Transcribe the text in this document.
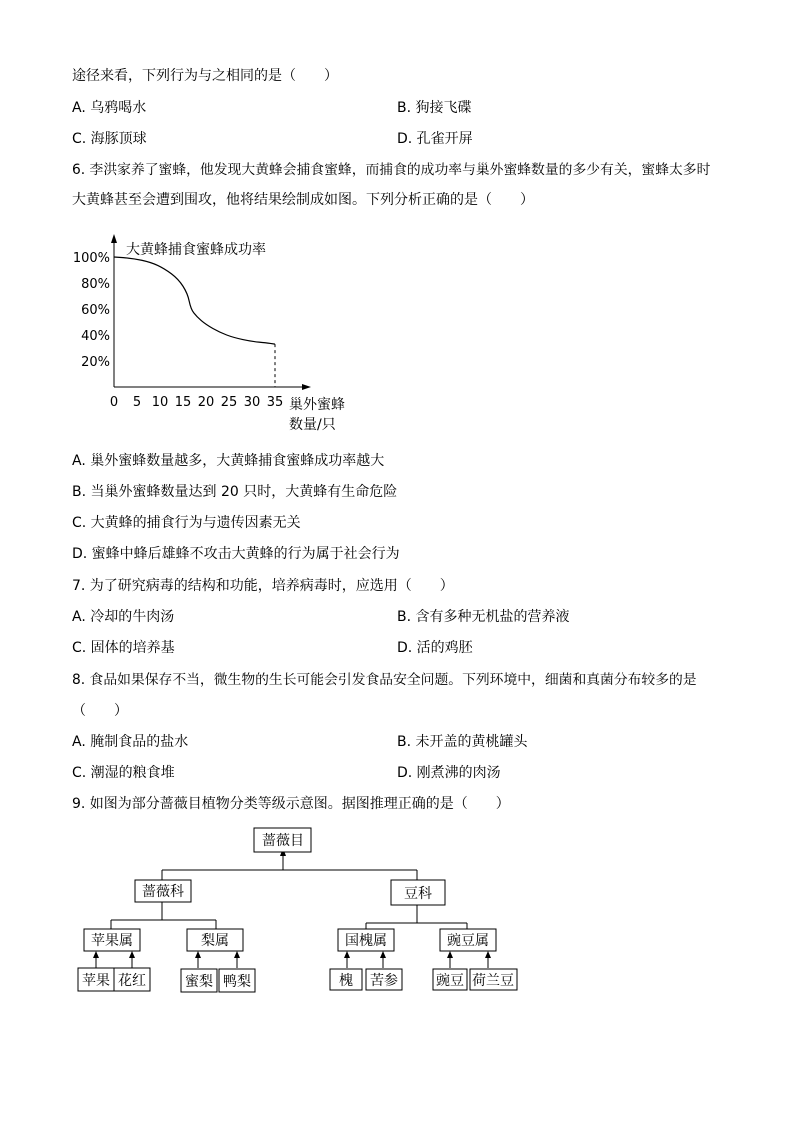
途径来看，下列行为与之相同的是（　　）
A. 乌鸦喝水	B. 狗接飞碟
C. 海豚顶球	D. 孔雀开屏
6. 李洪家养了蜜蜂，他发现大黄蜂会捕食蜜蜂，而捕食的成功率与巢外蜜蜂数量的多少有关，蜜蜂太多时
大黄蜂甚至会遭到围攻，他将结果绘制成如图。下列分析正确的是（　　）
0 5 10 15 20 25 30 35
100%
80%
60%
40%
20%
大黄蜂捕食蜜蜂成功率
巢外蜜蜂
数量/只
A. 巢外蜜蜂数量越多，大黄蜂捕食蜜蜂成功率越大
B. 当巢外蜜蜂数量达到 20 只时，大黄蜂有生命危险
C. 大黄蜂的捕食行为与遗传因素无关
D. 蜜蜂中蜂后雄蜂不攻击大黄蜂的行为属于社会行为
7. 为了研究病毒的结构和功能，培养病毒时，应选用（　　）
A. 冷却的牛肉汤	B. 含有多种无机盐的营养液
C. 固体的培养基	D. 活的鸡胚
8. 食品如果保存不当，微生物的生长可能会引发食品安全问题。下列环境中，细菌和真菌分布较多的是
（　　）
A. 腌制食品的盐水	B. 未开盖的黄桃罐头
C. 潮湿的粮食堆	D. 刚煮沸的肉汤
9. 如图为部分蔷薇目植物分类等级示意图。据图推理正确的是（　　）
蔷薇目
蔷薇科	豆科
苹果属	梨属	国槐属	豌豆属
苹果 花红	蜜梨 鸭梨	槐 苦参	豌豆 荷兰豆
